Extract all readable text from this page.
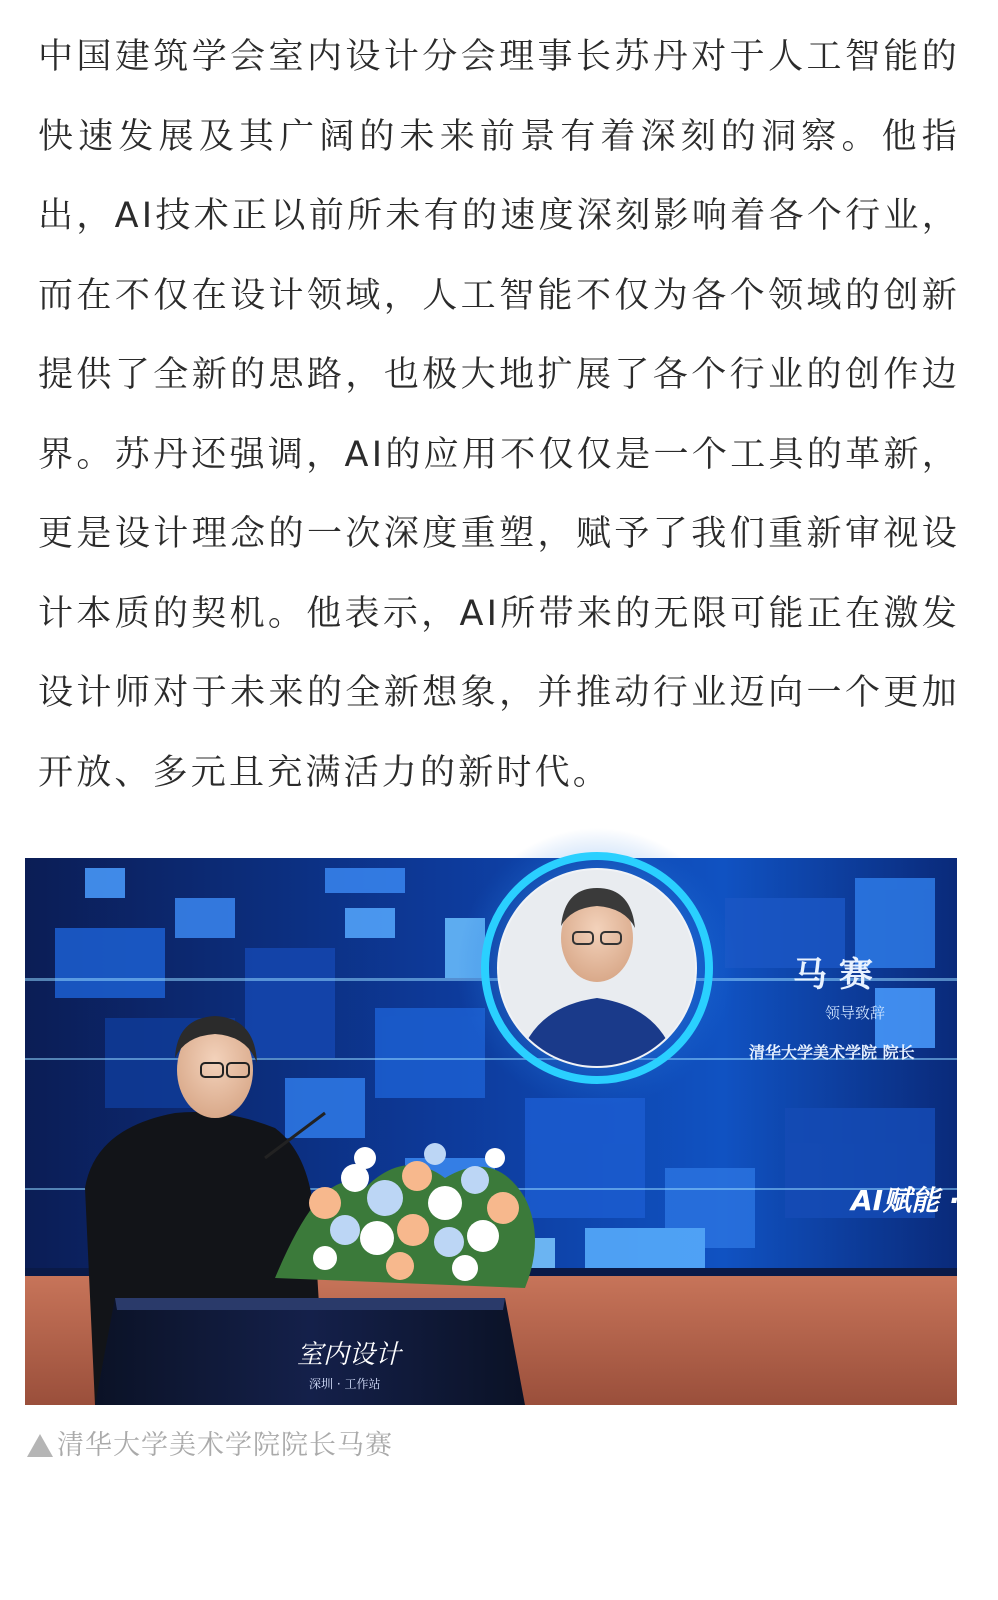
中国建筑学会室内设计分会理事长苏丹对于人工智能的快速发展及其广阔的未来前景有着深刻的洞察。他指出，AI技术正以前所未有的速度深刻影响着各个行业，而在不仅在设计领域，人工智能不仅为各个领域的创新提供了全新的思路，也极大地扩展了各个行业的创作边界。苏丹还强调，AI的应用不仅仅是一个工具的革新，更是设计理念的一次深度重塑，赋予了我们重新审视设计本质的契机。他表示，AI所带来的无限可能正在激发设计师对于未来的全新想象，并推动行业迈向一个更加开放、多元且充满活力的新时代。

马 赛
领导致辞
清华大学美术学院 院长
AI赋能 · 设
室内设计
深圳 · 工作站
清华大学美术学院院长马赛
